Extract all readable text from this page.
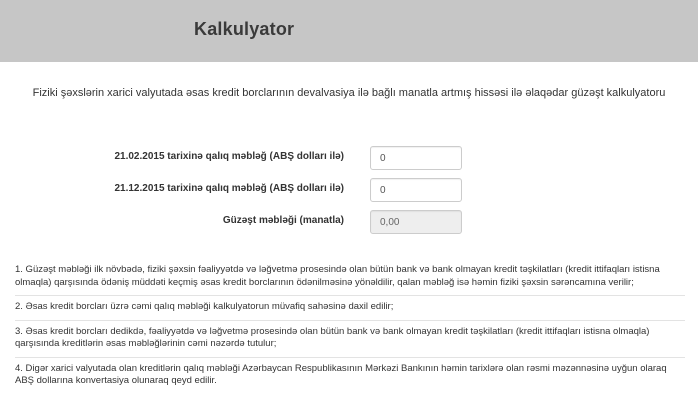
Kalkulyator
Fiziki şəxslərin xarici valyutada əsas kredit borclarının devalvasiya ilə bağlı manatla artmış hissəsi ilə əlaqədar güzəşt kalkulyatoru
21.02.2015 tarixinə qalıq məbləğ (ABŞ dolları ilə)
0
21.12.2015 tarixinə qalıq məbləğ (ABŞ dolları ilə)
0
Güzəşt məbləği (manatla)
0,00
1. Güzəşt məbləği ilk növbədə, fiziki şəxsin fəaliyyətdə və ləğvetmə prosesində olan bütün bank və bank olmayan kredit təşkilatları (kredit ittifaqları istisna olmaqla) qarşısında ödəniş müddəti keçmiş əsas kredit borclarının ödənilməsinə yönəldilir, qalan məbləğ isə həmin fiziki şəxsin sərəncamına verilir;
2. Əsas kredit borcları üzrə cəmi qalıq məbləği kalkulyatorun müvafiq sahəsinə daxil edilir;
3. Əsas kredit borcları dedikdə, fəaliyyətdə və ləğvetmə prosesində olan bütün bank və bank olmayan kredit təşkilatları (kredit ittifaqları istisna olmaqla) qarşısında kreditlərin əsas məbləğlərinin cəmi nəzərdə tutulur;
4. Digər xarici valyutada olan kreditlərin qalıq məbləği Azərbaycan Respublikasının Mərkəzi Bankının həmin tarixlərə olan rəsmi məzənnəsinə uyğun olaraq ABŞ dollarına konvertasiya olunaraq qeyd edilir.
